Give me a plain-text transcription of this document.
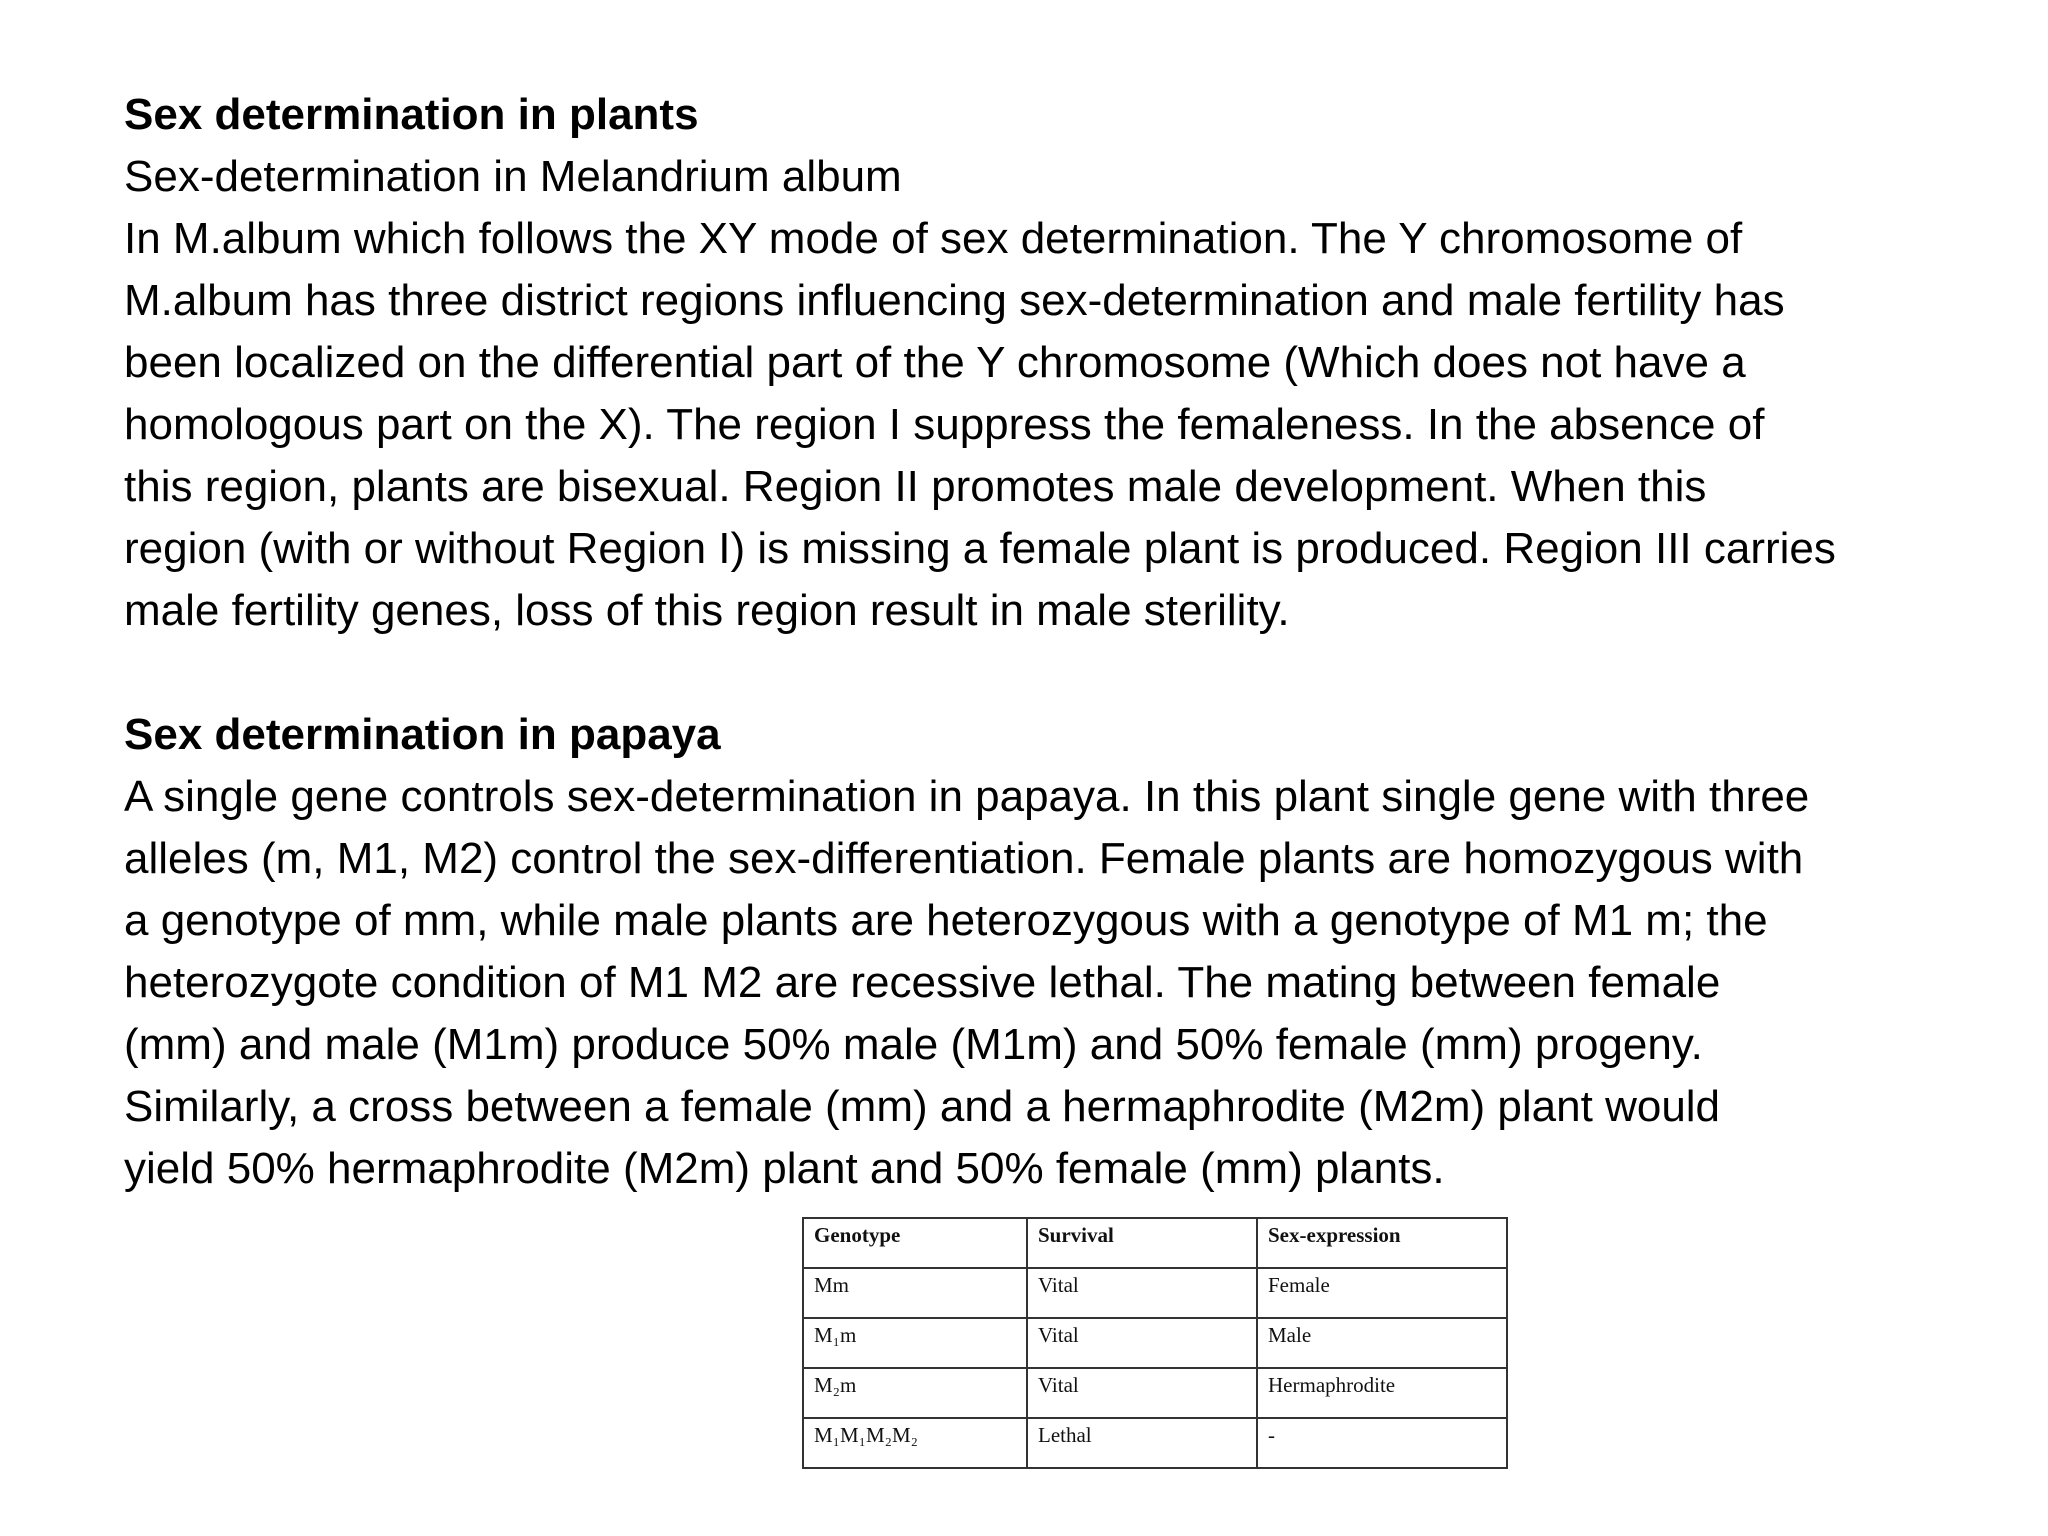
Sex determination in plants

Sex-determination in Melandrium album

In M.album which follows the XY mode of sex determination. The Y chromosome of

M.album has three district regions influencing sex-determination and male fertility has

been localized on the differential part of the Y chromosome (Which does not have a

homologous part on the X). The region I suppress the femaleness. In the absence of

this region, plants are bisexual. Region II promotes male development. When this

region (with or without Region I) is missing a female plant is produced. Region III carries

male fertility genes, loss of this region result in male sterility.

Sex determination in papaya

A single gene controls sex-determination in papaya. In this plant single gene with three

alleles (m, M1, M2) control the sex-differentiation. Female plants are homozygous with

a genotype of mm, while male plants are heterozygous with a genotype of M1 m; the

heterozygote condition of M1 M2 are recessive lethal. The mating between female

(mm) and male (M1m) produce 50% male (M1m) and 50% female (mm) progeny.

Similarly, a cross between a female (mm) and a hermaphrodite (M2m) plant would

yield 50% hermaphrodite (M2m) plant and 50% female (mm) plants.

Genotype	Survival	Sex-expression
Mm	Vital	Female
M₁m	Vital	Male
M₂m	Vital	Hermaphrodite
M₁M₁M₂M₂	Lethal	-
